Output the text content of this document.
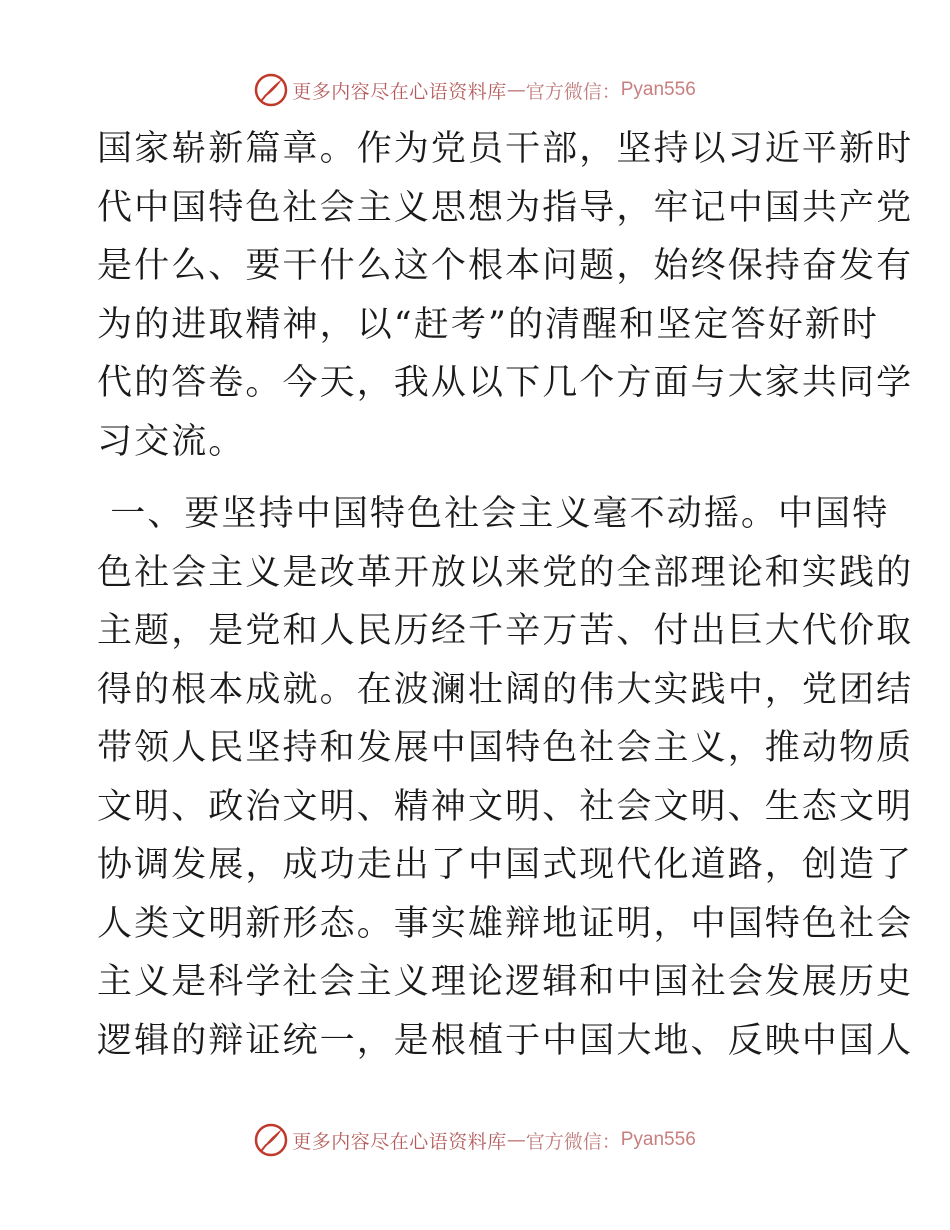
更多内容尽在心语资料库 — 官方微信： Pyan556

国家崭新篇章。作为党员干部，坚持以习近平新时
代中国特色社会主义思想为指导，牢记中国共产党
是什么、要干什么这个根本问题，始终保持奋发有
为的进取精神，以“赶考”的清醒和坚定答好新时
代的答卷。今天，我从以下几个方面与大家共同学
习交流。

一、要坚持中国特色社会主义毫不动摇。中国特
色社会主义是改革开放以来党的全部理论和实践的
主题，是党和人民历经千辛万苦、付出巨大代价取
得的根本成就。在波澜壮阔的伟大实践中，党团结
带领人民坚持和发展中国特色社会主义，推动物质
文明、政治文明、精神文明、社会文明、生态文明
协调发展，成功走出了中国式现代化道路，创造了
人类文明新形态。事实雄辩地证明，中国特色社会
主义是科学社会主义理论逻辑和中国社会发展历史
逻辑的辩证统一，是根植于中国大地、反映中国人

更多内容尽在心语资料库 — 官方微信： Pyan556
